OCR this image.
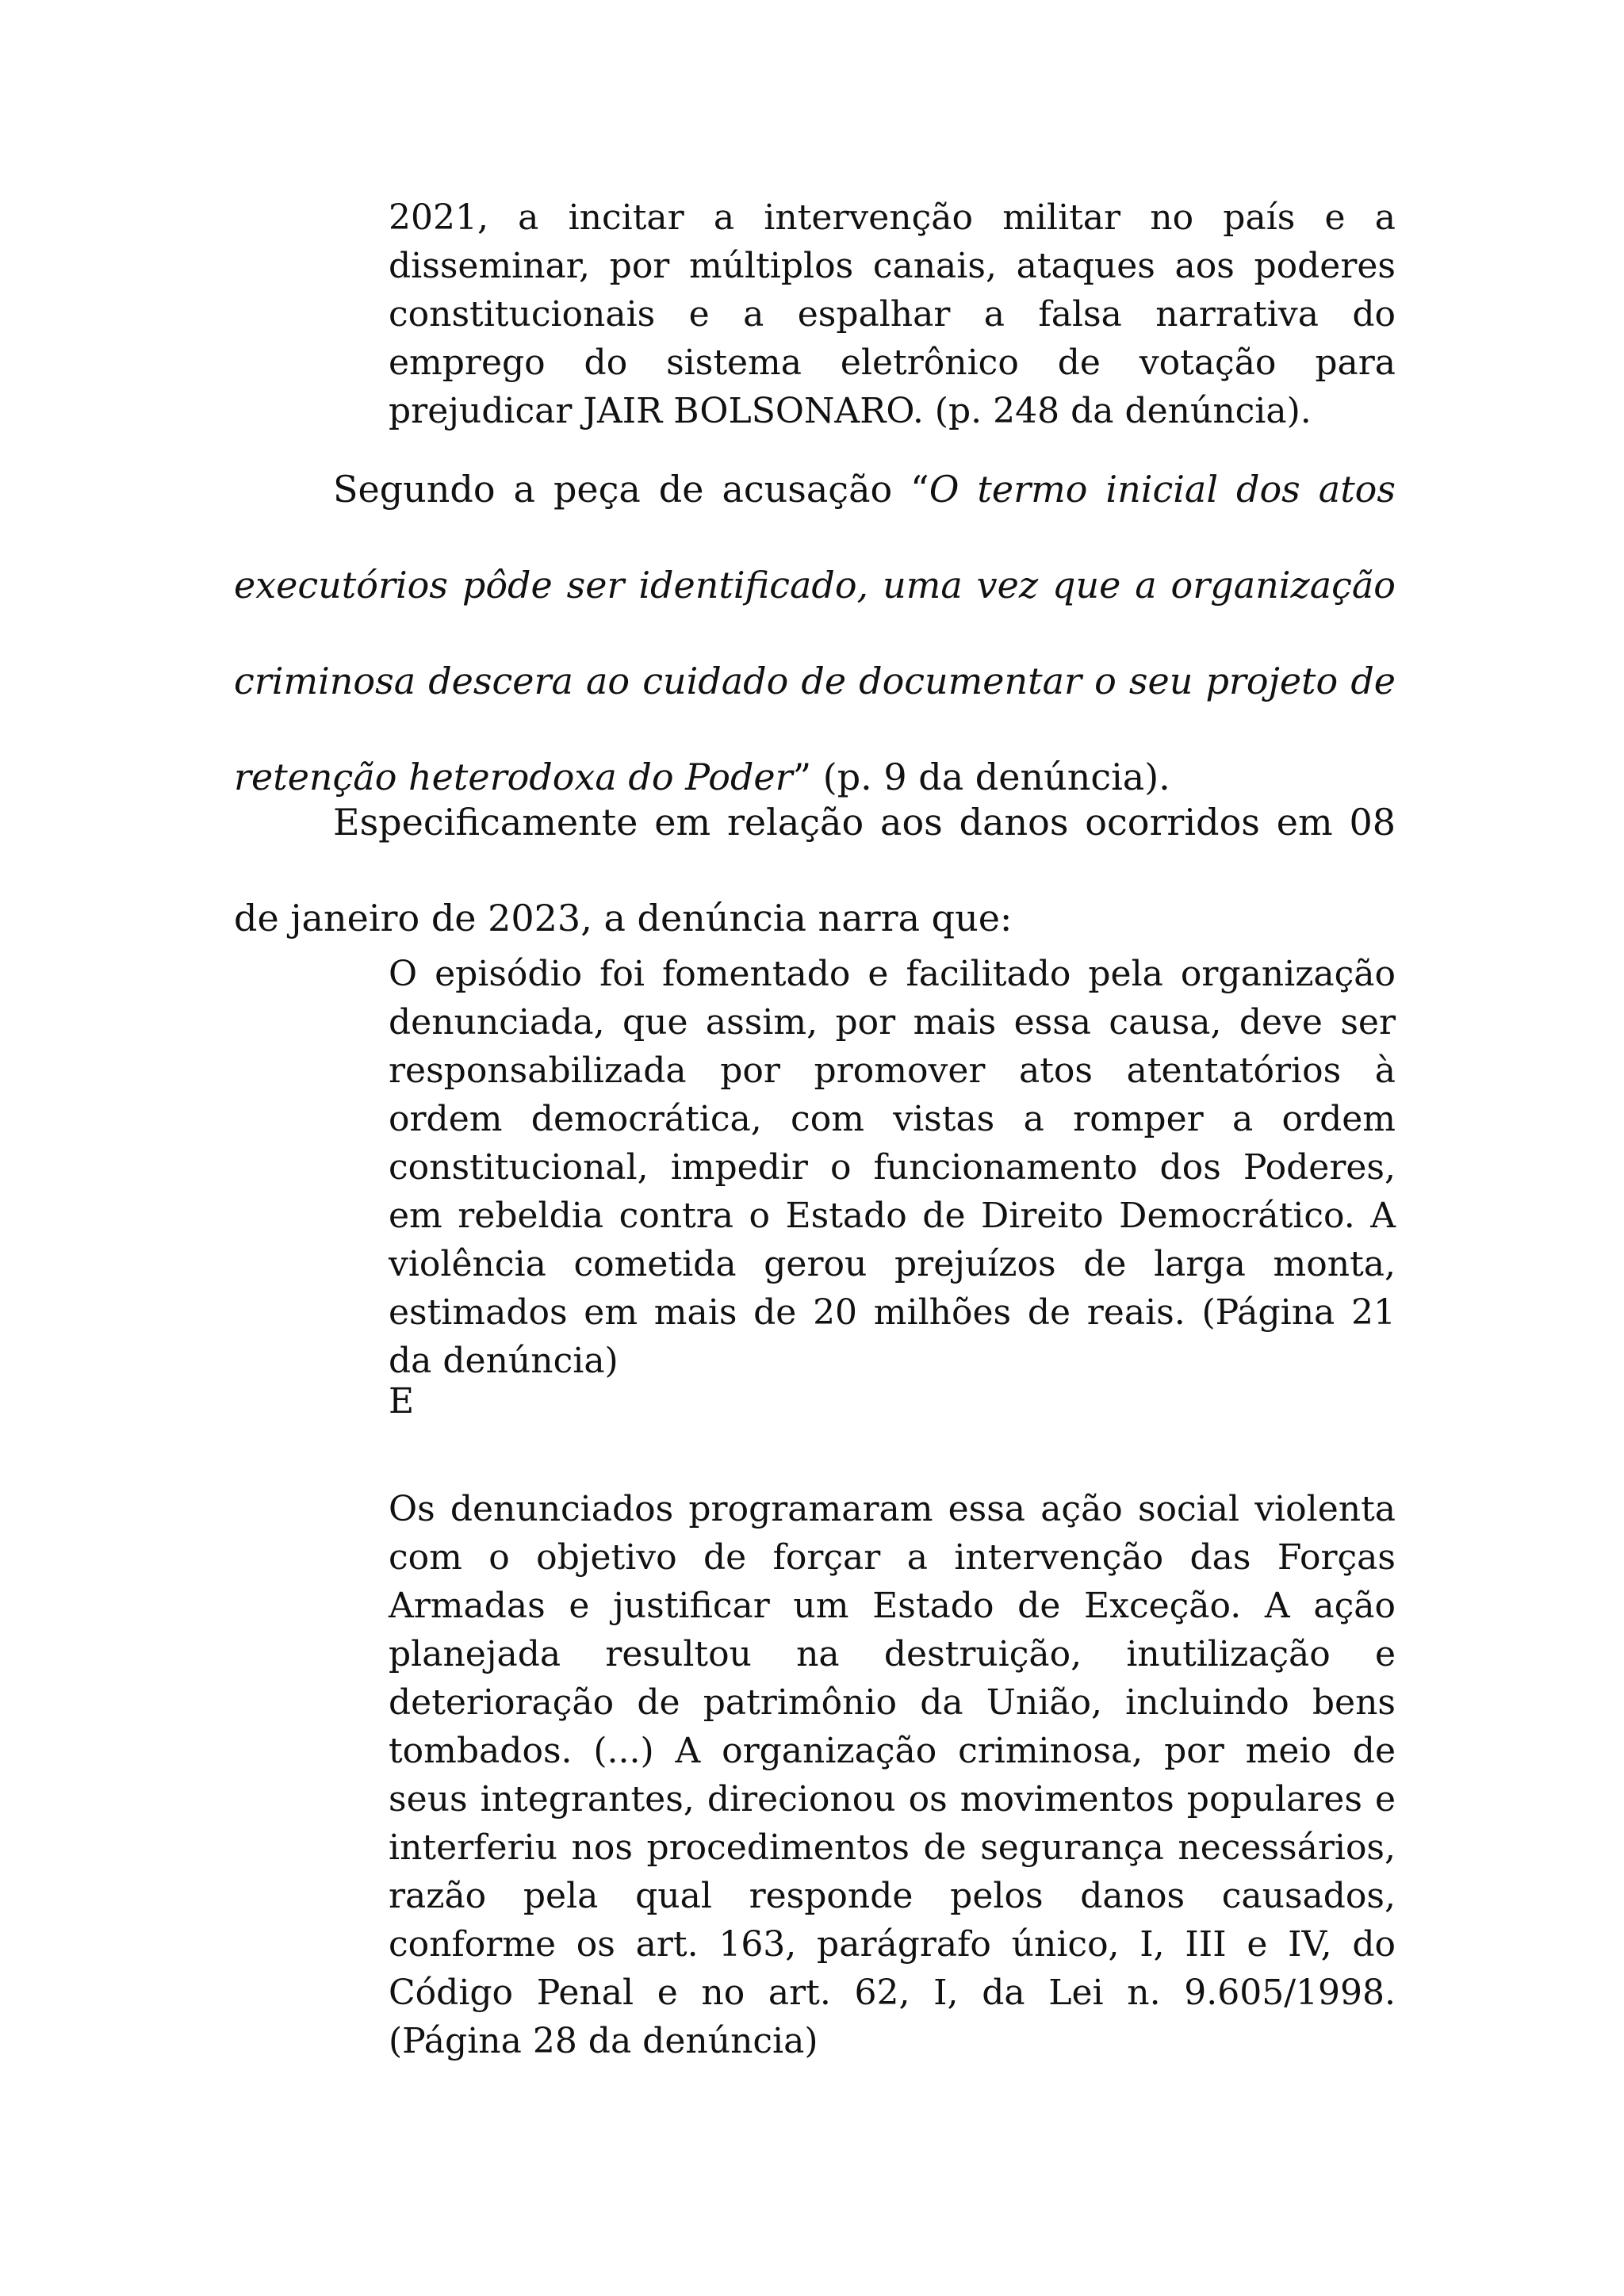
2021, a incitar a intervenção militar no país e a disseminar, por múltiplos canais, ataques aos poderes constitucionais e a espalhar a falsa narrativa do emprego do sistema eletrônico de votação para prejudicar JAIR BOLSONARO. (p. 248 da denúncia).

Segundo a peça de acusação “O termo inicial dos atos executórios pôde ser identificado, uma vez que a organização criminosa descera ao cuidado de documentar o seu projeto de retenção heterodoxa do Poder” (p. 9 da denúncia).

Especificamente em relação aos danos ocorridos em 08 de janeiro de 2023, a denúncia narra que:

O episódio foi fomentado e facilitado pela organização denunciada, que assim, por mais essa causa, deve ser responsabilizada por promover atos atentatórios à ordem democrática, com vistas a romper a ordem constitucional, impedir o funcionamento dos Poderes, em rebeldia contra o Estado de Direito Democrático. A violência cometida gerou prejuízos de larga monta, estimados em mais de 20 milhões de reais. (Página 21 da denúncia)

E

Os denunciados programaram essa ação social violenta com o objetivo de forçar a intervenção das Forças Armadas e justificar um Estado de Exceção. A ação planejada resultou na destruição, inutilização e deterioração de patrimônio da União, incluindo bens tombados. (...) A organização criminosa, por meio de seus integrantes, direcionou os movimentos populares e interferiu nos procedimentos de segurança necessários, razão pela qual responde pelos danos causados, conforme os art. 163, parágrafo único, I, III e IV, do Código Penal e no art. 62, I, da Lei n. 9.605/1998. (Página 28 da denúncia)
